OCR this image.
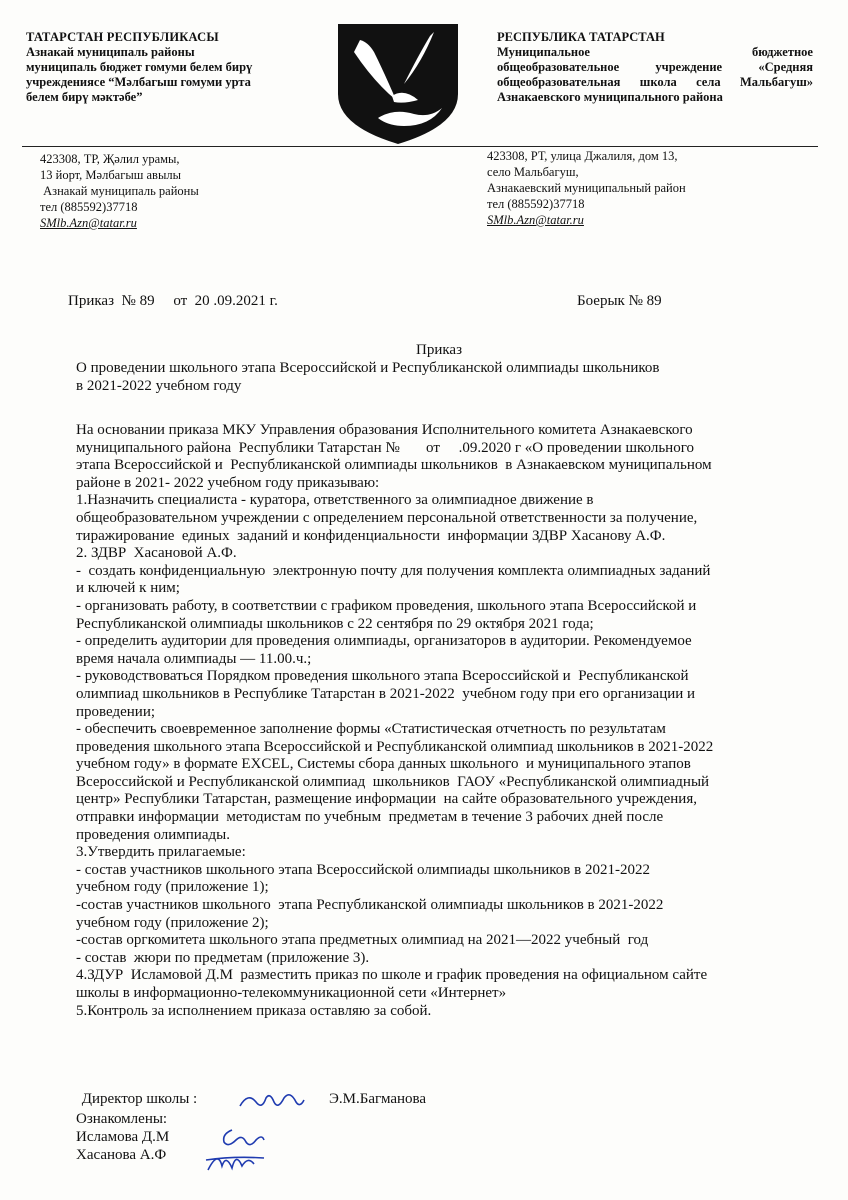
ТАТАРСТАН РЕСПУБЛИКАСЫ
Азнакай муниципаль районы
муниципаль бюджет гомуми белем бирү
учреждениясе “Мәлбагыш гомуми урта
белем бирү мәктәбе”
РЕСПУБЛИКА ТАТАРСТАН
Муниципальное бюджетное
общеобразовательное учреждение «Средняя
общеобразовательная школа села Мальбагуш»
Азнакаевского муниципального района
423308, ТР, Җәлил урамы,
13 йорт, Мәлбагыш авылы
Азнакай муниципаль районы
тел (885592)37718
SMlb.Azn@tatar.ru
423308, РТ, улица Джалиля, дом 13,
село Мальбагуш,
Азнакаевский муниципальный район
тел (885592)37718
SMlb.Azn@tatar.ru
Приказ  № 89     от  20 .09.2021 г.	Боерык № 89
Приказ
О проведении школьного этапа Всероссийской и Республиканской олимпиады школьников
в 2021-2022 учебном году

На основании приказа МКУ Управления образования Исполнительного комитета Азнакаевского

муниципального района  Республики Татарстан №       от     .09.2020 г «О проведении школьного

этапа Всероссийской и  Республиканской олимпиады школьников  в Азнакаевском муниципальном

районе в 2021- 2022 учебном году приказываю:

1.Назначить специалиста - куратора, ответственного за олимпиадное движение в

общеобразовательном учреждении с определением персональной ответственности за получение,

тиражирование  единых  заданий и конфиденциальности  информации ЗДВР Хасанову А.Ф.

2. ЗДВР  Хасановой А.Ф.

-  создать конфиденциальную  электронную почту для получения комплекта олимпиадных заданий

и ключей к ним;

- организовать работу, в соответствии с графиком проведения, школьного этапа Всероссийской и

Республиканской олимпиады школьников с 22 сентября по 29 октября 2021 года;

- определить аудитории для проведения олимпиады, организаторов в аудитории. Рекомендуемое

время начала олимпиады — 11.00.ч.;

- руководствоваться Порядком проведения школьного этапа Всероссийской и  Республиканской

олимпиад школьников в Республике Татарстан в 2021-2022  учебном году при его организации и

проведении;

- обеспечить своевременное заполнение формы «Статистическая отчетность по результатам

проведения школьного этапа Всероссийской и Республиканской олимпиад школьников в 2021-2022

учебном году» в формате EXCEL, Системы сбора данных школьного  и муниципального этапов

Всероссийской и Республиканской олимпиад  школьников  ГАОУ «Республиканской олимпиадный

центр» Республики Татарстан, размещение информации  на сайте образовательного учреждения,

отправки информации  методистам по учебным  предметам в течение 3 рабочих дней после

проведения олимпиады.

3.Утвердить прилагаемые:

- состав участников школьного этапа Всероссийской олимпиады школьников в 2021-2022

учебном году (приложение 1);

-состав участников школьного  этапа Республиканской олимпиады школьников в 2021-2022

учебном году (приложение 2);

-состав оргкомитета школьного этапа предметных олимпиад на 2021—2022 учебный  год

- состав  жюри по предметам (приложение 3).

4.ЗДУР  Исламовой Д.М  разместить приказ по школе и график проведения на официальном сайте

школы в информационно-телекоммуникационной сети «Интернет»

5.Контроль за исполнением приказа оставляю за собой.

Директор школы :	Э.М.Багманова
Ознакомлены:
Исламова Д.М
Хасанова А.Ф
